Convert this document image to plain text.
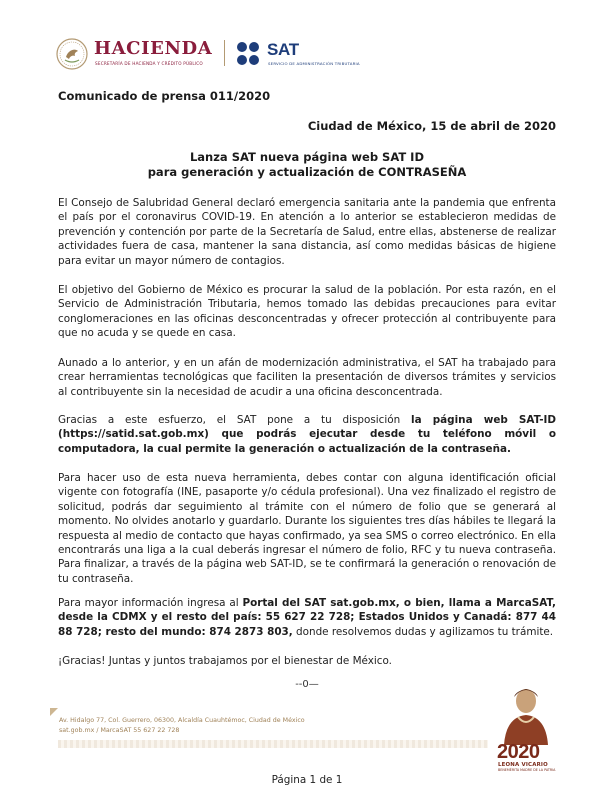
HACIENDA
SECRETARÍA DE HACIENDA Y CRÉDITO PÚBLICO
SAT
SERVICIO DE ADMINISTRACIÓN TRIBUTARIA
Comunicado de prensa 011/2020
Ciudad de México, 15 de abril de 2020
Lanza SAT nueva página web SAT ID
para generación y actualización de CONTRASEÑA
El Consejo de Salubridad General declaró emergencia sanitaria ante la pandemia que enfrenta el país por el coronavirus COVID-19. En atención a lo anterior se establecieron medidas de prevención y contención por parte de la Secretaría de Salud, entre ellas, abstenerse de realizar actividades fuera de casa, mantener la sana distancia, así como medidas básicas de higiene para evitar un mayor número de contagios.
El objetivo del Gobierno de México es procurar la salud de la población. Por esta razón, en el Servicio de Administración Tributaria, hemos tomado las debidas precauciones para evitar conglomeraciones en las oficinas desconcentradas y ofrecer protección al contribuyente para que no acuda y se quede en casa.
Aunado a lo anterior, y en un afán de modernización administrativa, el SAT ha trabajado para crear herramientas tecnológicas que faciliten la presentación de diversos trámites y servicios al contribuyente sin la necesidad de acudir a una oficina desconcentrada.
Gracias a este esfuerzo, el SAT pone a tu disposición la página web SAT-ID (https://satid.sat.gob.mx) que podrás ejecutar desde tu teléfono móvil o computadora, la cual permite la generación o actualización de la contraseña.
Para hacer uso de esta nueva herramienta, debes contar con alguna identificación oficial vigente con fotografía (INE, pasaporte y/o cédula profesional). Una vez finalizado el registro de solicitud, podrás dar seguimiento al trámite con el número de folio que se generará al momento. No olvides anotarlo y guardarlo. Durante los siguientes tres días hábiles te llegará la respuesta al medio de contacto que hayas confirmado, ya sea SMS o correo electrónico. En ella encontrarás una liga a la cual deberás ingresar el número de folio, RFC y tu nueva contraseña. Para finalizar, a través de la página web SAT-ID, se te confirmará la generación o renovación de tu contraseña.
Para mayor información ingresa al Portal del SAT sat.gob.mx, o bien, llama a MarcaSAT, desde la CDMX y el resto del país: 55 627 22 728; Estados Unidos y Canadá: 877 44 88 728; resto del mundo: 874 2873 803, donde resolvemos dudas y agilizamos tu trámite.
¡Gracias! Juntas y juntos trabajamos por el bienestar de México.
--0—
Av. Hidalgo 77, Col. Guerrero, 06300, Alcaldía Cuauhtémoc, Ciudad de México
sat.gob.mx / MarcaSAT 55 627 22 728
2020
LEONA VICARIO
BENEMÉRITA MADRE DE LA PATRIA
Página 1 de 1
